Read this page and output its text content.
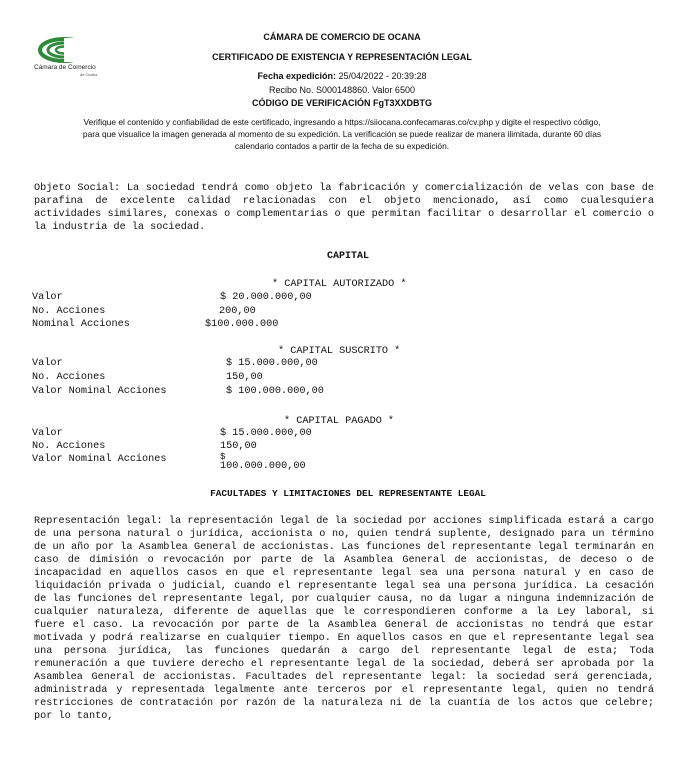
Cámara de Comercio
de Ocaña
CÁMARA DE COMERCIO DE OCANA
CERTIFICADO DE EXISTENCIA Y REPRESENTACIÓN LEGAL
Fecha expedición: 25/04/2022 - 20:39:28
Recibo No. S000148860. Valor 6500
CÓDIGO DE VERIFICACIÓN FgT3XXDBTG
Verifique el contenido y confiabilidad de este certificado, ingresando a https://siiocana.confecamaras.co/cv.php y digite el respectivo código,
para que visualice la imagen generada al momento de su expedición. La verificación se puede realizar de manera ilimitada, durante 60 días
calendario contados a partir de la fecha de su expedición.
Objeto Social: La sociedad tendrá como objeto la fabricación y comercialización de velas con base de parafina de excelente calidad relacionadas con el objeto mencionado, así como cualesquiera actividades similares, conexas o complementarias o que permitan facilitar o desarrollar el comercio o la industria de la sociedad.
CAPITAL
* CAPITAL AUTORIZADO *
Valor	$ 20.000.000,00
No. Acciones	200,00
Nominal Acciones	$100.000.000
* CAPITAL SUSCRITO *
Valor	$ 15.000.000,00
No. Acciones	150,00
Valor Nominal Acciones	$ 100.000.000,00
* CAPITAL PAGADO *
Valor	$ 15.000.000,00
No. Acciones	150,00
Valor Nominal Acciones	$
100.000.000,00
FACULTADES Y LIMITACIONES DEL REPRESENTANTE LEGAL
Representación legal: la representación legal de la sociedad por acciones simplificada estará a cargo de una persona natural o jurídica, accionista o no, quien tendrá suplente, designado para un término de un año por la Asamblea General de accionistas. Las funciones del representante legal terminarán en caso de dimisión o revocación por parte de la Asamblea General de accionistas, de deceso o de incapacidad en aquellos casos en que el representante legal sea una persona natural y en caso de liquidación privada o judicial, cuando el representante legal sea una persona jurídica. La cesación de las funciones del representante legal, por cualquier causa, no da lugar a ninguna indemnización de cualquier naturaleza, diferente de aquellas que le correspondieren conforme a la Ley laboral, si fuere el caso. La revocación por parte de la Asamblea General de accionistas no tendrá que estar motivada y podrá realizarse en cualquier tiempo. En aquellos casos en que el representante legal sea una persona jurídica, las funciones quedarán a cargo del representante legal de esta; Toda remuneración a que tuviere derecho el representante legal de la sociedad, deberá ser aprobada por la Asamblea General de accionistas. Facultades del representante legal: la sociedad será gerenciada, administrada y representada legalmente ante terceros por el representante legal, quien no tendrá restricciones de contratación por razón de la naturaleza ni de la cuantía de los actos que celebre; por lo tanto,
